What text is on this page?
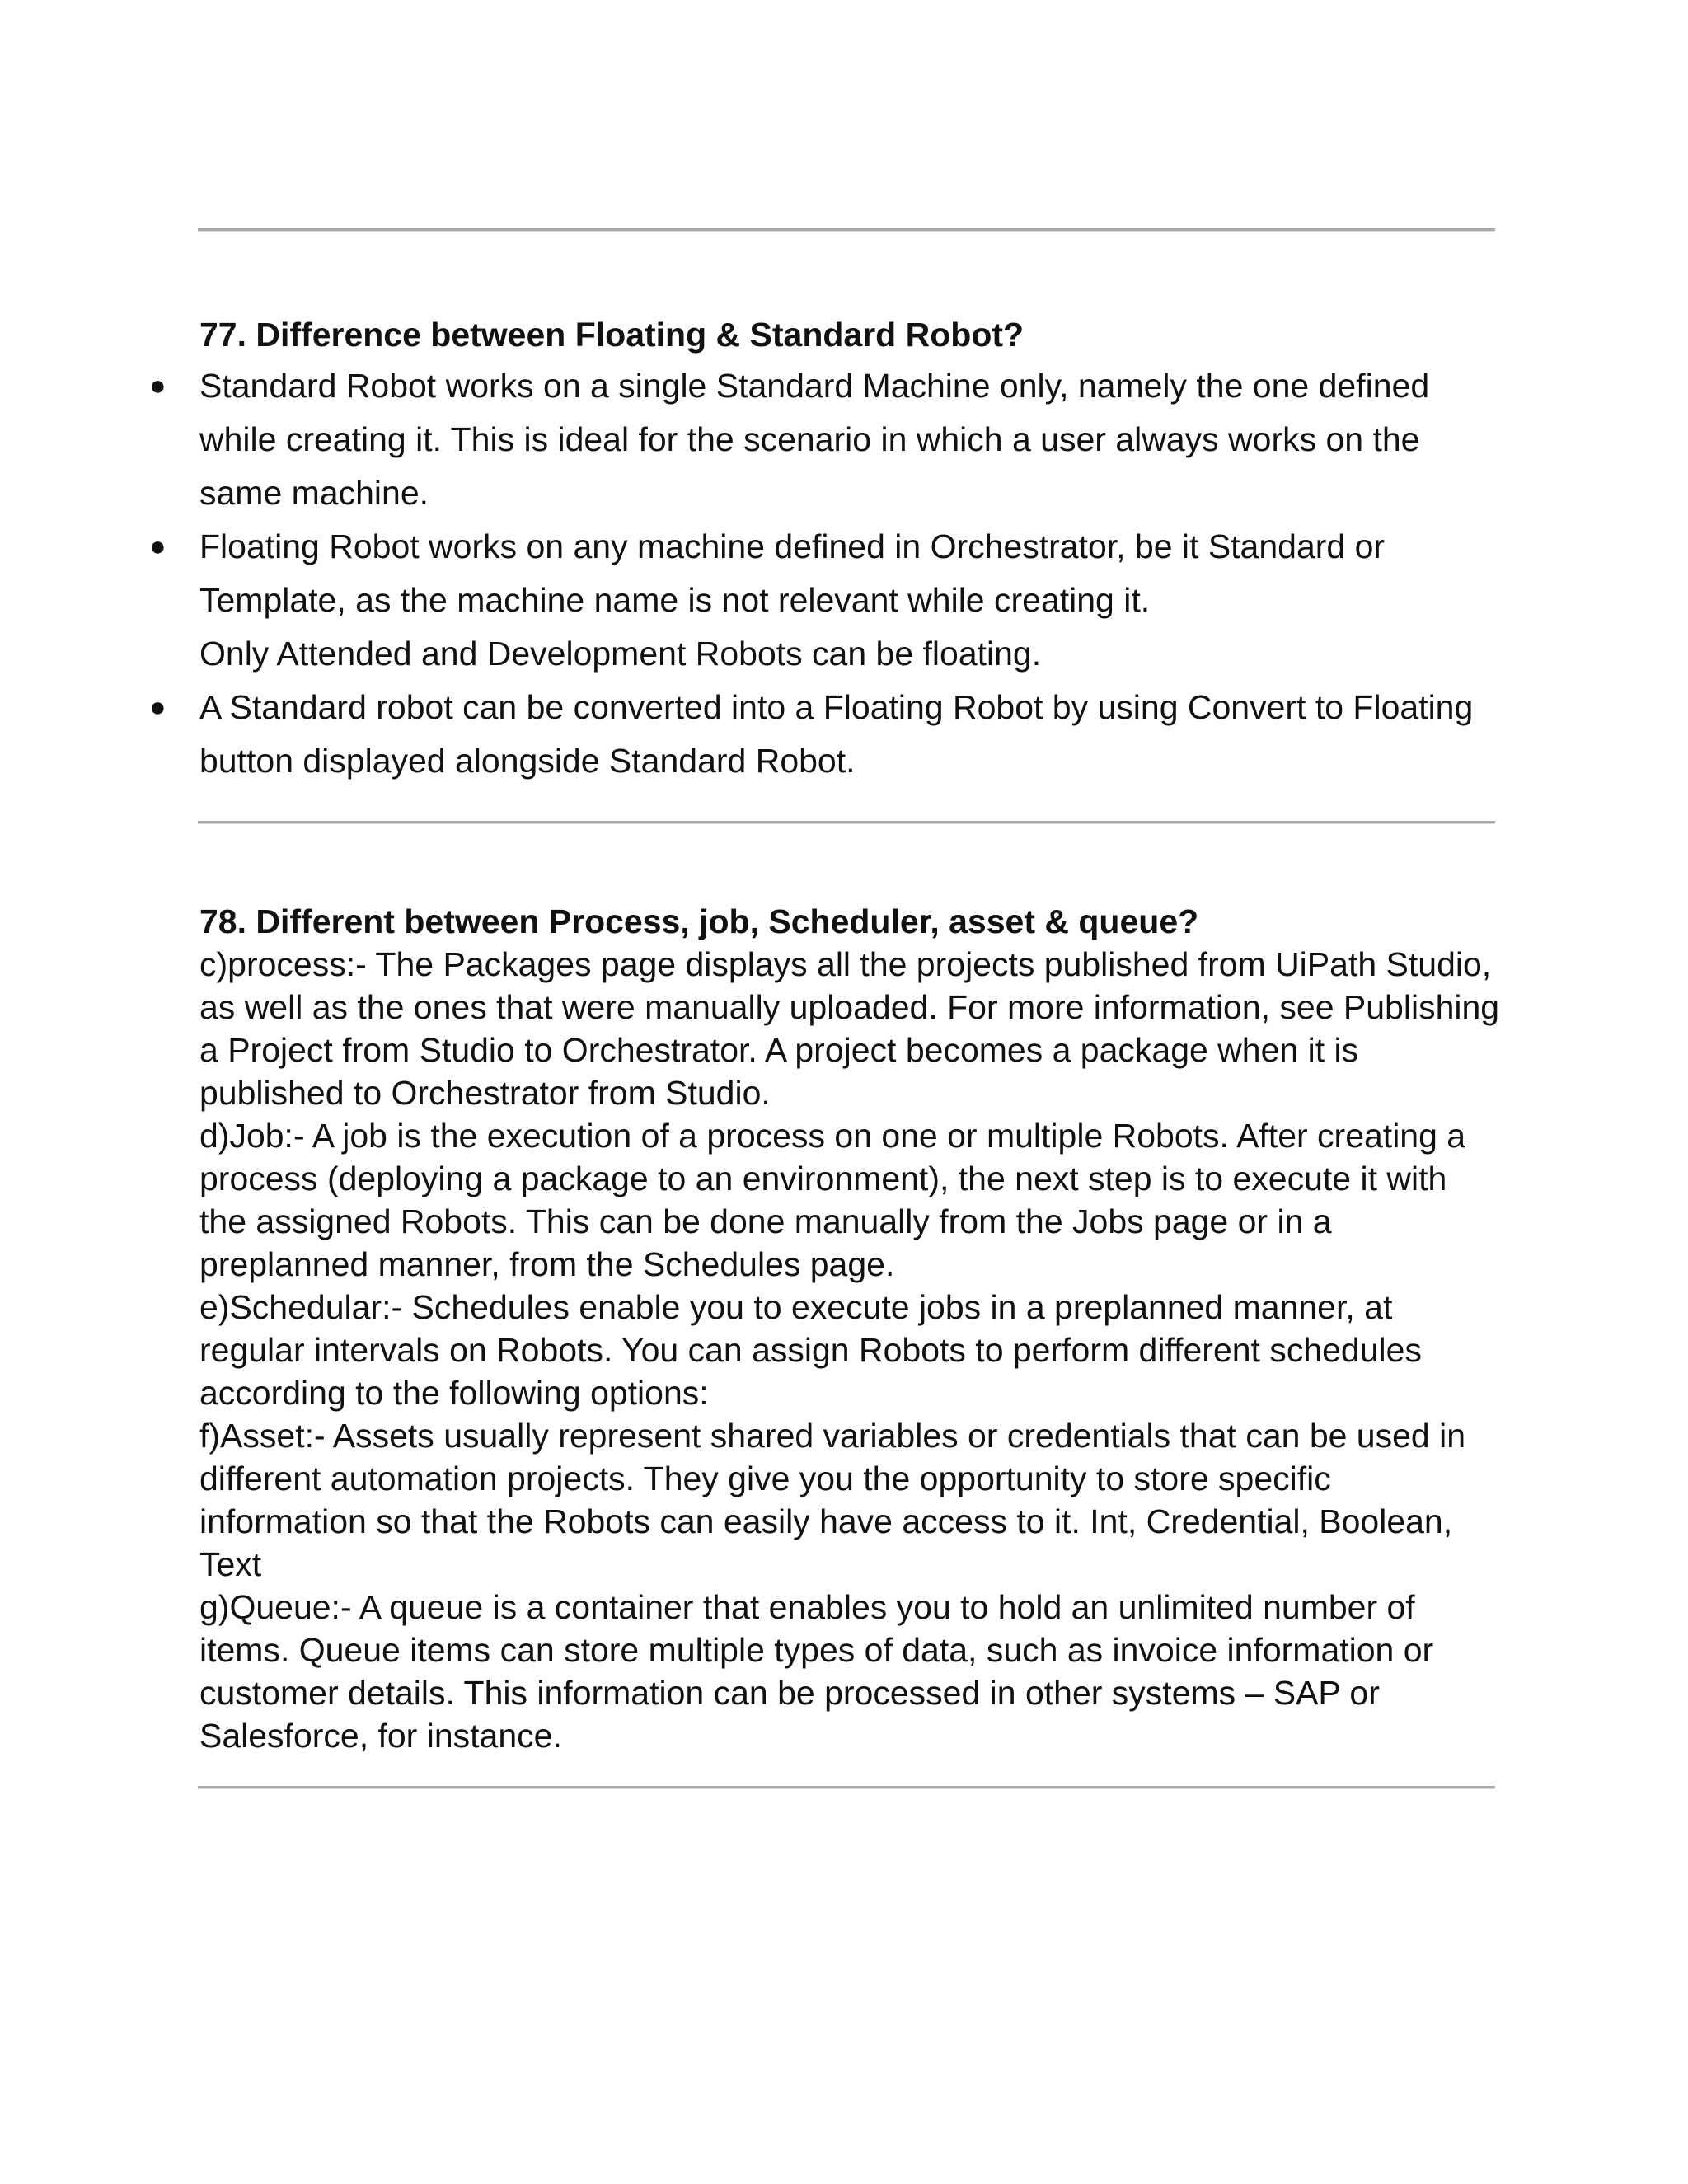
77. Difference between Floating & Standard Robot?
● Standard Robot works on a single Standard Machine only, namely the one defined while creating it. This is ideal for the scenario in which a user always works on the same machine.

● Floating Robot works on any machine defined in Orchestrator, be it Standard or Template, as the machine name is not relevant while creating it.

Only Attended and Development Robots can be floating.

● A Standard robot can be converted into a Floating Robot by using Convert to Floating button displayed alongside Standard Robot.

78. Different between Process, job, Scheduler, asset & queue?

c)process:- The Packages page displays all the projects published from UiPath Studio, as well as the ones that were manually uploaded. For more information, see Publishing a Project from Studio to Orchestrator. A project becomes a package when it is published to Orchestrator from Studio.

d)Job:- A job is the execution of a process on one or multiple Robots. After creating a process (deploying a package to an environment), the next step is to execute it with the assigned Robots. This can be done manually from the Jobs page or in a preplanned manner, from the Schedules page.

e)Schedular:- Schedules enable you to execute jobs in a preplanned manner, at regular intervals on Robots. You can assign Robots to perform different schedules according to the following options:

f)Asset:- Assets usually represent shared variables or credentials that can be used in different automation projects. They give you the opportunity to store specific information so that the Robots can easily have access to it. Int, Credential, Boolean, Text

g)Queue:- A queue is a container that enables you to hold an unlimited number of items. Queue items can store multiple types of data, such as invoice information or customer details. This information can be processed in other systems – SAP or Salesforce, for instance.
